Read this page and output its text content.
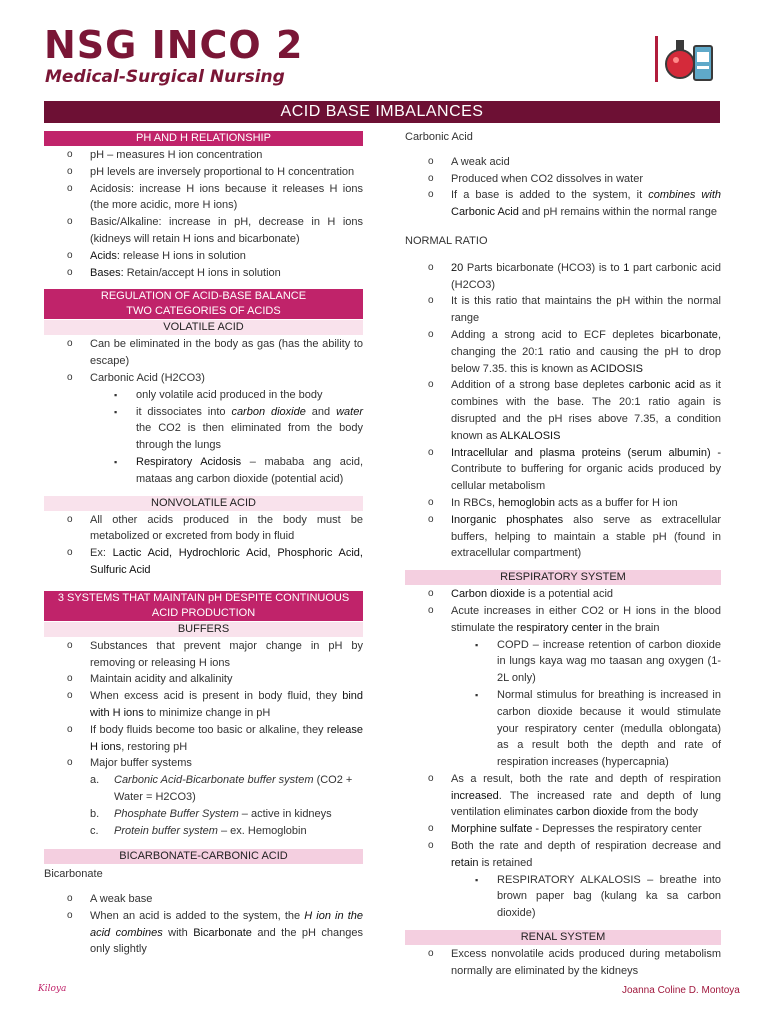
NSG INCO 2
Medical-Surgical Nursing
ACID BASE IMBALANCES
PH AND H RELATIONSHIP
o pH – measures H ion concentration
o pH levels are inversely proportional to H concentration
o Acidosis: increase H ions because it releases H ions (the more acidic, more H ions)
o Basic/Alkaline: increase in pH, decrease in H ions (kidneys will retain H ions and bicarbonate)
o Acids: release H ions in solution
o Bases: Retain/accept H ions in solution
REGULATION OF ACID-BASE BALANCE
TWO CATEGORIES OF ACIDS
VOLATILE ACID
o Can be eliminated in the body as gas (has the ability to escape)
o Carbonic Acid (H2CO3)
▪ only volatile acid produced in the body
▪ it dissociates into carbon dioxide and water the CO2 is then eliminated from the body through the lungs
▪ Respiratory Acidosis – mababa ang acid, mataas ang carbon dioxide (potential acid)
NONVOLATILE ACID
o All other acids produced in the body must be metabolized or excreted from body in fluid
o Ex: Lactic Acid, Hydrochloric Acid, Phosphoric Acid, Sulfuric Acid
3 SYSTEMS THAT MAINTAIN pH DESPITE CONTINUOUS ACID PRODUCTION
BUFFERS
o Substances that prevent major change in pH by removing or releasing H ions
o Maintain acidity and alkalinity
o When excess acid is present in body fluid, they bind with H ions to minimize change in pH
o If body fluids become too basic or alkaline, they release H ions, restoring pH
o Major buffer systems
a. Carbonic Acid-Bicarbonate buffer system (CO2 + Water = H2CO3)
b. Phosphate Buffer System – active in kidneys
c. Protein buffer system – ex. Hemoglobin
BICARBONATE-CARBONIC ACID
Bicarbonate
o A weak base
o When an acid is added to the system, the H ion in the acid combines with Bicarbonate and the pH changes only slightly
Carbonic Acid
o A weak acid
o Produced when CO2 dissolves in water
o If a base is added to the system, it combines with Carbonic Acid and pH remains within the normal range
NORMAL RATIO
o 20 Parts bicarbonate (HCO3) is to 1 part carbonic acid (H2CO3)
o It is this ratio that maintains the pH within the normal range
o Adding a strong acid to ECF depletes bicarbonate, changing the 20:1 ratio and causing the pH to drop below 7.35. this is known as ACIDOSIS
o Addition of a strong base depletes carbonic acid as it combines with the base. The 20:1 ratio again is disrupted and the pH rises above 7.35, a condition known as ALKALOSIS
o Intracellular and plasma proteins (serum albumin) - Contribute to buffering for organic acids produced by cellular metabolism
o In RBCs, hemoglobin acts as a buffer for H ion
o Inorganic phosphates also serve as extracellular buffers, helping to maintain a stable pH (found in extracellular compartment)
RESPIRATORY SYSTEM
o Carbon dioxide is a potential acid
o Acute increases in either CO2 or H ions in the blood stimulate the respiratory center in the brain
▪ COPD – increase retention of carbon dioxide in lungs kaya wag mo taasan ang oxygen (1-2L only)
▪ Normal stimulus for breathing is increased in carbon dioxide because it would stimulate your respiratory center (medulla oblongata) as a result both the depth and rate of respiration increases (hypercapnia)
o As a result, both the rate and depth of respiration increased. The increased rate and depth of lung ventilation eliminates carbon dioxide from the body
o Morphine sulfate - Depresses the respiratory center
o Both the rate and depth of respiration decrease and retain is retained
▪ RESPIRATORY ALKALOSIS – breathe into brown paper bag (kulang ka sa carbon dioxide)
RENAL SYSTEM
o Excess nonvolatile acids produced during metabolism normally are eliminated by the kidneys
Kiloya	Joanna Coline D. Montoya
